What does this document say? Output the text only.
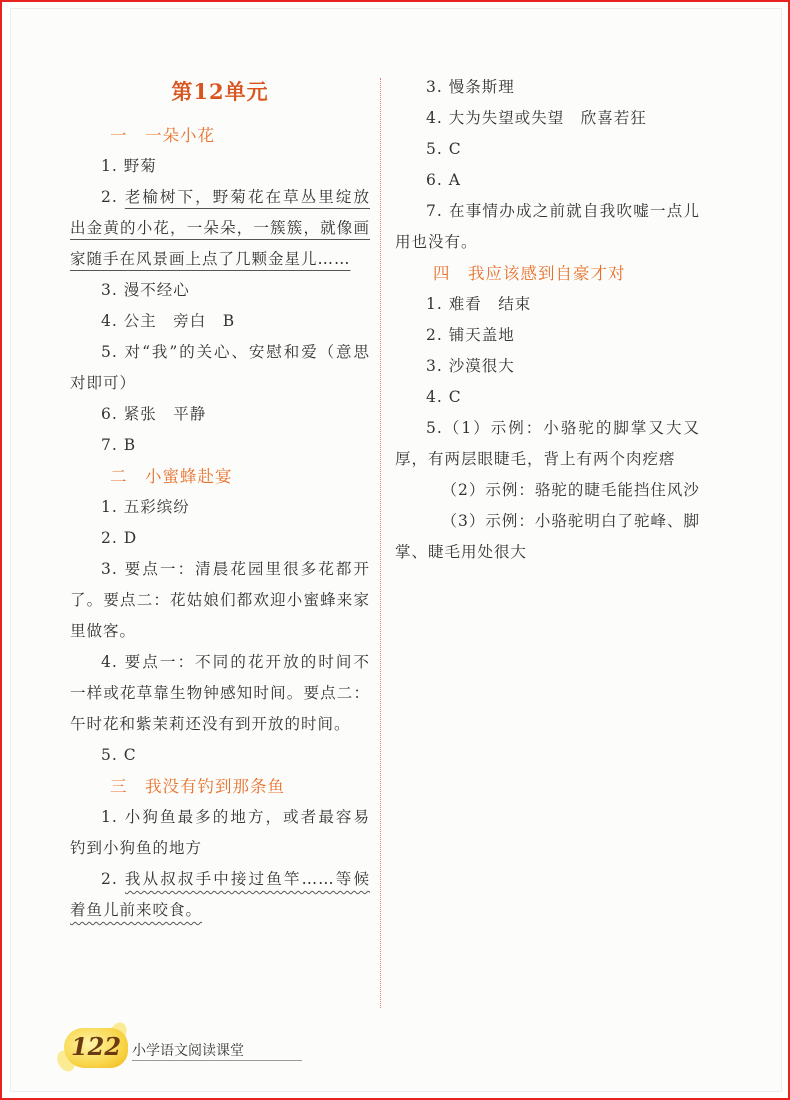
第12单元

一　一朵小花

1. 野菊

2. 老榆树下，野菊花在草丛里绽放出金黄的小花，一朵朵，一簇簇，就像画家随手在风景画上点了几颗金星儿……

3. 漫不经心

4. 公主　旁白　B

5. 对“我”的关心、安慰和爱（意思对即可）

6. 紧张　平静

7. B

二　小蜜蜂赴宴

1. 五彩缤纷

2. D

3. 要点一：清晨花园里很多花都开了。要点二：花姑娘们都欢迎小蜜蜂来家里做客。

4. 要点一：不同的花开放的时间不一样或花草靠生物钟感知时间。要点二：午时花和紫茉莉还没有到开放的时间。

5. C

三　我没有钓到那条鱼

1. 小狗鱼最多的地方，或者最容易钓到小狗鱼的地方

2. 我从叔叔手中接过鱼竿……等候着鱼儿前来咬食。

3. 慢条斯理

4. 大为失望或失望　欣喜若狂

5. C

6. A

7. 在事情办成之前就自我吹嘘一点儿用也没有。

四　我应该感到自豪才对

1. 难看　结束

2. 铺天盖地

3. 沙漠很大

4. C

5.（1）示例：小骆驼的脚掌又大又厚，有两层眼睫毛，背上有两个肉疙瘩

（2）示例：骆驼的睫毛能挡住风沙

（3）示例：小骆驼明白了驼峰、脚掌、睫毛用处很大

122 小学语文阅读课堂
